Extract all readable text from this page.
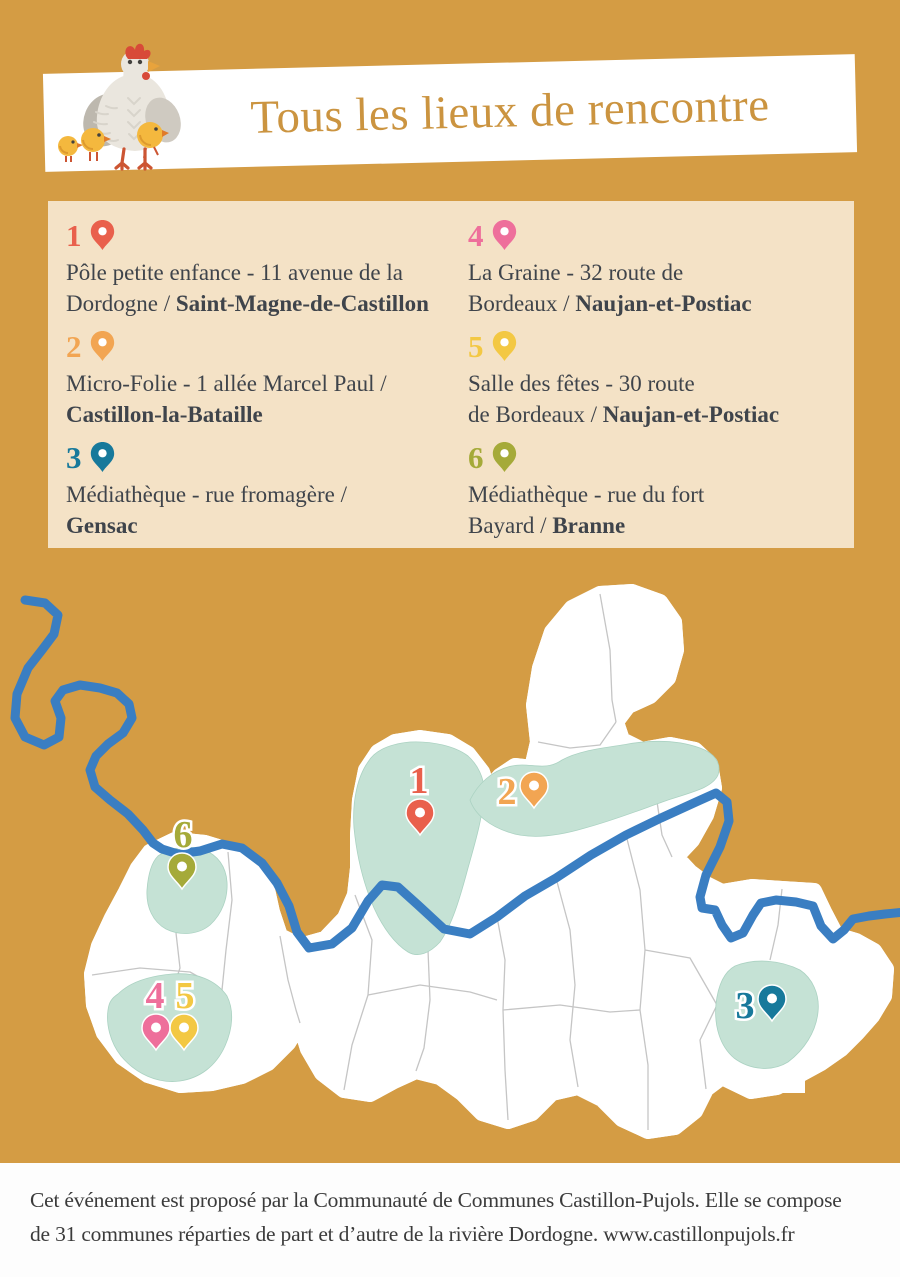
Tous les lieux de rencontre
1
Pôle petite enfance - 11 avenue de la
Dordogne / Saint-Magne-de-Castillon
4
La Graine - 32 route de
Bordeaux / Naujan-et-Postiac
2
Micro-Folie - 1 allée Marcel Paul /
Castillon-la-Bataille
5
Salle des fêtes - 30 route
de Bordeaux / Naujan-et-Postiac
3
Médiathèque - rue fromagère /
Gensac
6
Médiathèque - rue du fort
Bayard / Branne
1 2
3
4 5
6
Cet événement est proposé par la Communauté de Communes Castillon-Pujols. Elle se compose
de 31 communes réparties de part et d’autre de la rivière Dordogne. www.castillonpujols.fr
